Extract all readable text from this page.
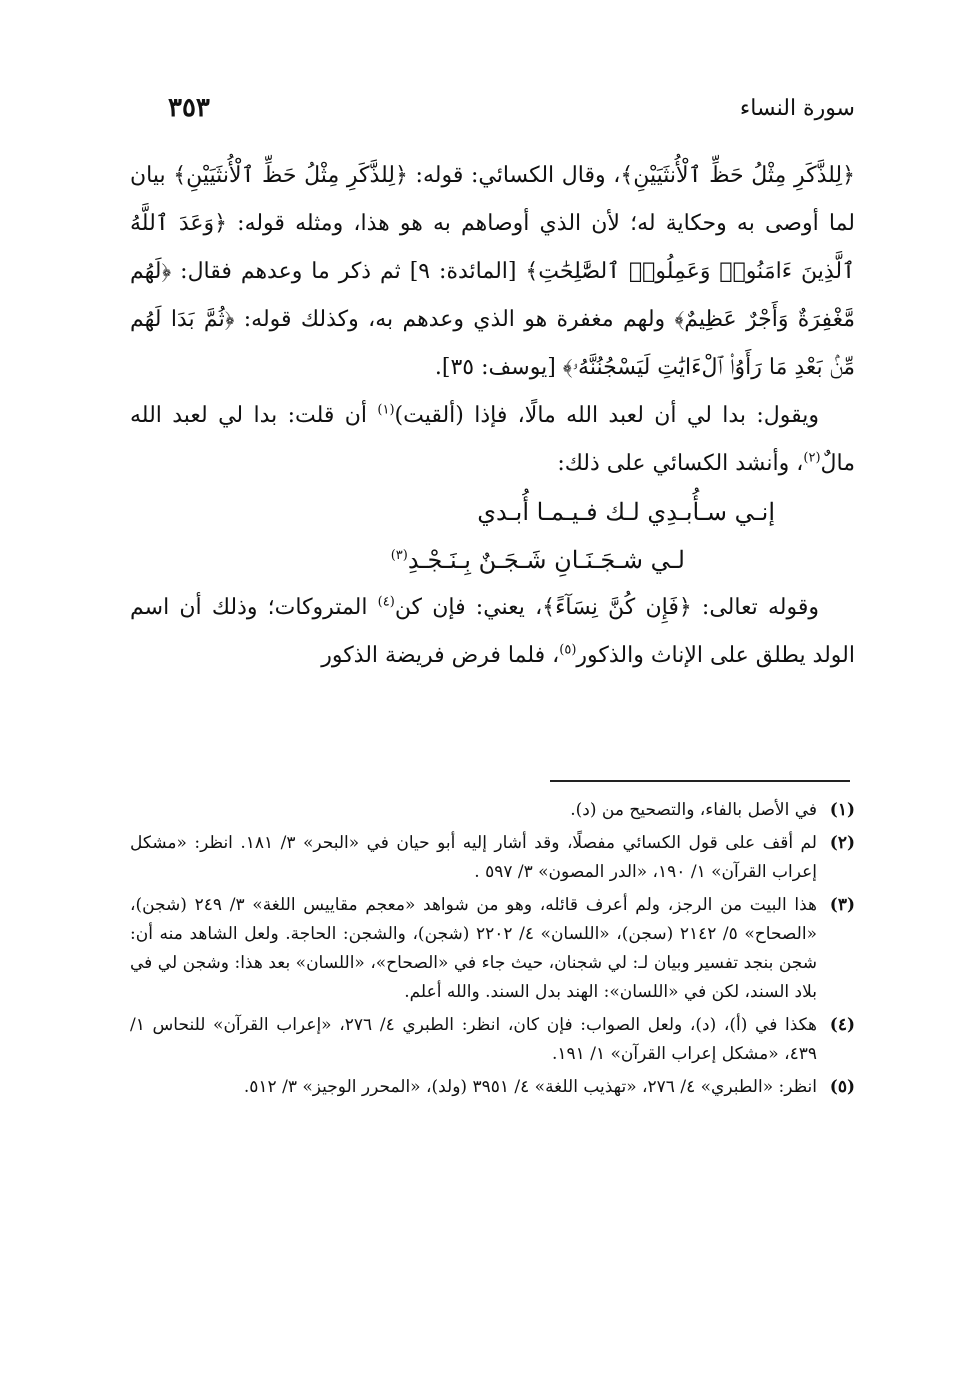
سورة النساء
٣٥٣

﴿لِلذَّكَرِ مِثْلُ حَظِّ ٱلْأُنثَيَيْنِ﴾، وقال الكسائي: قوله: ﴿لِلذَّكَرِ مِثْلُ حَظِّ ٱلْأُنثَيَيْنِ﴾ بيان لما أوصى به وحكاية له؛ لأن الذي أوصاهم به هو هذا، ومثله قوله: ﴿وَعَدَ ٱللَّهُ ٱلَّذِينَ ءَامَنُوا۟ وَعَمِلُوا۟ ٱلصَّٰلِحَٰتِ﴾ [المائدة: ٩] ثم ذكر ما وعدهم فقال: ﴿لَهُم مَّغْفِرَةٌ وَأَجْرٌ عَظِيمٌ﴾ ولهم مغفرة هو الذي وعدهم به، وكذلك قوله: ﴿ثُمَّ بَدَا لَهُم مِّنۢ بَعْدِ مَا رَأَوُا۟ ٱلْءَايَٰتِ لَيَسْجُنُنَّهُۥ﴾ [يوسف: ٣٥].

ويقول: بدا لي أن لعبد الله مالًا، فإذا (ألقيت)$^{(١)}$ أن قلت: بدا لي لعبد الله مالٌ$^{(٢)}$، وأنشد الكسائي على ذلك:

إنـي سـأُبـدِي لـك فـيـمـا أُبـدي
لـي شـجَـنَـانِ شَـجَـنٌ بِـنَـجْـدِ$^{(٣)}$

وقوله تعالى: ﴿فَإِن كُنَّ نِسَآءً﴾، يعني: فإن كن$^{(٤)}$ المتروكات؛ وذلك أن اسم الولد يطلق على الإناث والذكور$^{(٥)}$، فلما فرض فريضة الذكور

(١)
في الأصل بالفاء، والتصحيح من (د).
(٢)
لم أقف على قول الكسائي مفصلًا، وقد أشار إليه أبو حيان في «البحر» ٣/ ١٨١. انظر: «مشكل إعراب القرآن» ١/ ١٩٠، «الدر المصون» ٣/ ٥٩٧ .
(٣)
هذا البيت من الرجز، ولم أعرف قائله، وهو من شواهد «معجم مقاييس اللغة» ٣/ ٢٤٩ (شجن)، «الصحاح» ٥/ ٢١٤٢ (سجن)، «اللسان» ٤/ ٢٢٠٢ (شجن)، والشجن: الحاجة. ولعل الشاهد منه أن: شجن بنجد تفسير وبيان لـ: لي شجنان، حيث جاء في «الصحاح»، «اللسان» بعد هذا: وشجن لي في بلاد السند، لكن في «اللسان»: الهند بدل السند. والله أعلم.
(٤)
هكذا في (أ)، (د)، ولعل الصواب: فإن كان، انظر: الطبري ٤/ ٢٧٦، «إعراب القرآن» للنحاس ١/ ٤٣٩، «مشكل إعراب القرآن» ١/ ١٩١.
(٥)
انظر: «الطبري» ٤/ ٢٧٦، «تهذيب اللغة» ٤/ ٣٩٥١ (ولد)، «المحرر الوجيز» ٣/ ٥١٢.
